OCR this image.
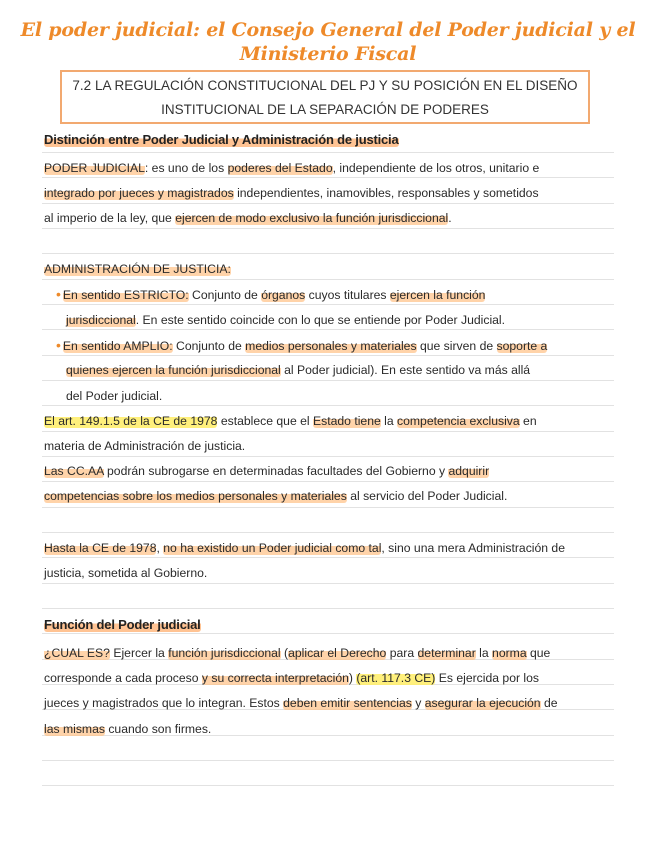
El poder judicial: el Consejo General del Poder judicial y el
Ministerio Fiscal
7.2 LA REGULACIÓN CONSTITUCIONAL DEL PJ Y SU POSICIÓN EN EL DISEÑO
INSTITUCIONAL DE LA SEPARACIÓN DE PODERES
Distinción entre Poder Judicial y Administración de justicia
PODER JUDICIAL: es uno de los poderes del Estado, independiente de los otros, unitario e
integrado por jueces y magistrados independientes, inamovibles, responsables y sometidos
al imperio de la ley, que ejercen de modo exclusivo la función jurisdiccional.
ADMINISTRACIÓN DE JUSTICIA:
• En sentido ESTRICTO: Conjunto de órganos cuyos titulares ejercen la función
jurisdiccional. En este sentido coincide con lo que se entiende por Poder Judicial.
• En sentido AMPLIO: Conjunto de medios personales y materiales que sirven de soporte a
quienes ejercen la función jurisdiccional al Poder judicial). En este sentido va más allá
del Poder judicial.
El art. 149.1.5 de la CE de 1978 establece que el Estado tiene la competencia exclusiva en
materia de Administración de justicia.
Las CC.AA podrán subrogarse en determinadas facultades del Gobierno y adquirir
competencias sobre los medios personales y materiales al servicio del Poder Judicial.
Hasta la CE de 1978, no ha existido un Poder judicial como tal, sino una mera Administración de
justicia, sometida al Gobierno.
Función del Poder judicial
¿CUAL ES? Ejercer la función jurisdiccional (aplicar el Derecho para determinar la norma que
corresponde a cada proceso y su correcta interpretación) (art. 117.3 CE) Es ejercida por los
jueces y magistrados que lo integran. Estos deben emitir sentencias y asegurar la ejecución de
las mismas cuando son firmes.
